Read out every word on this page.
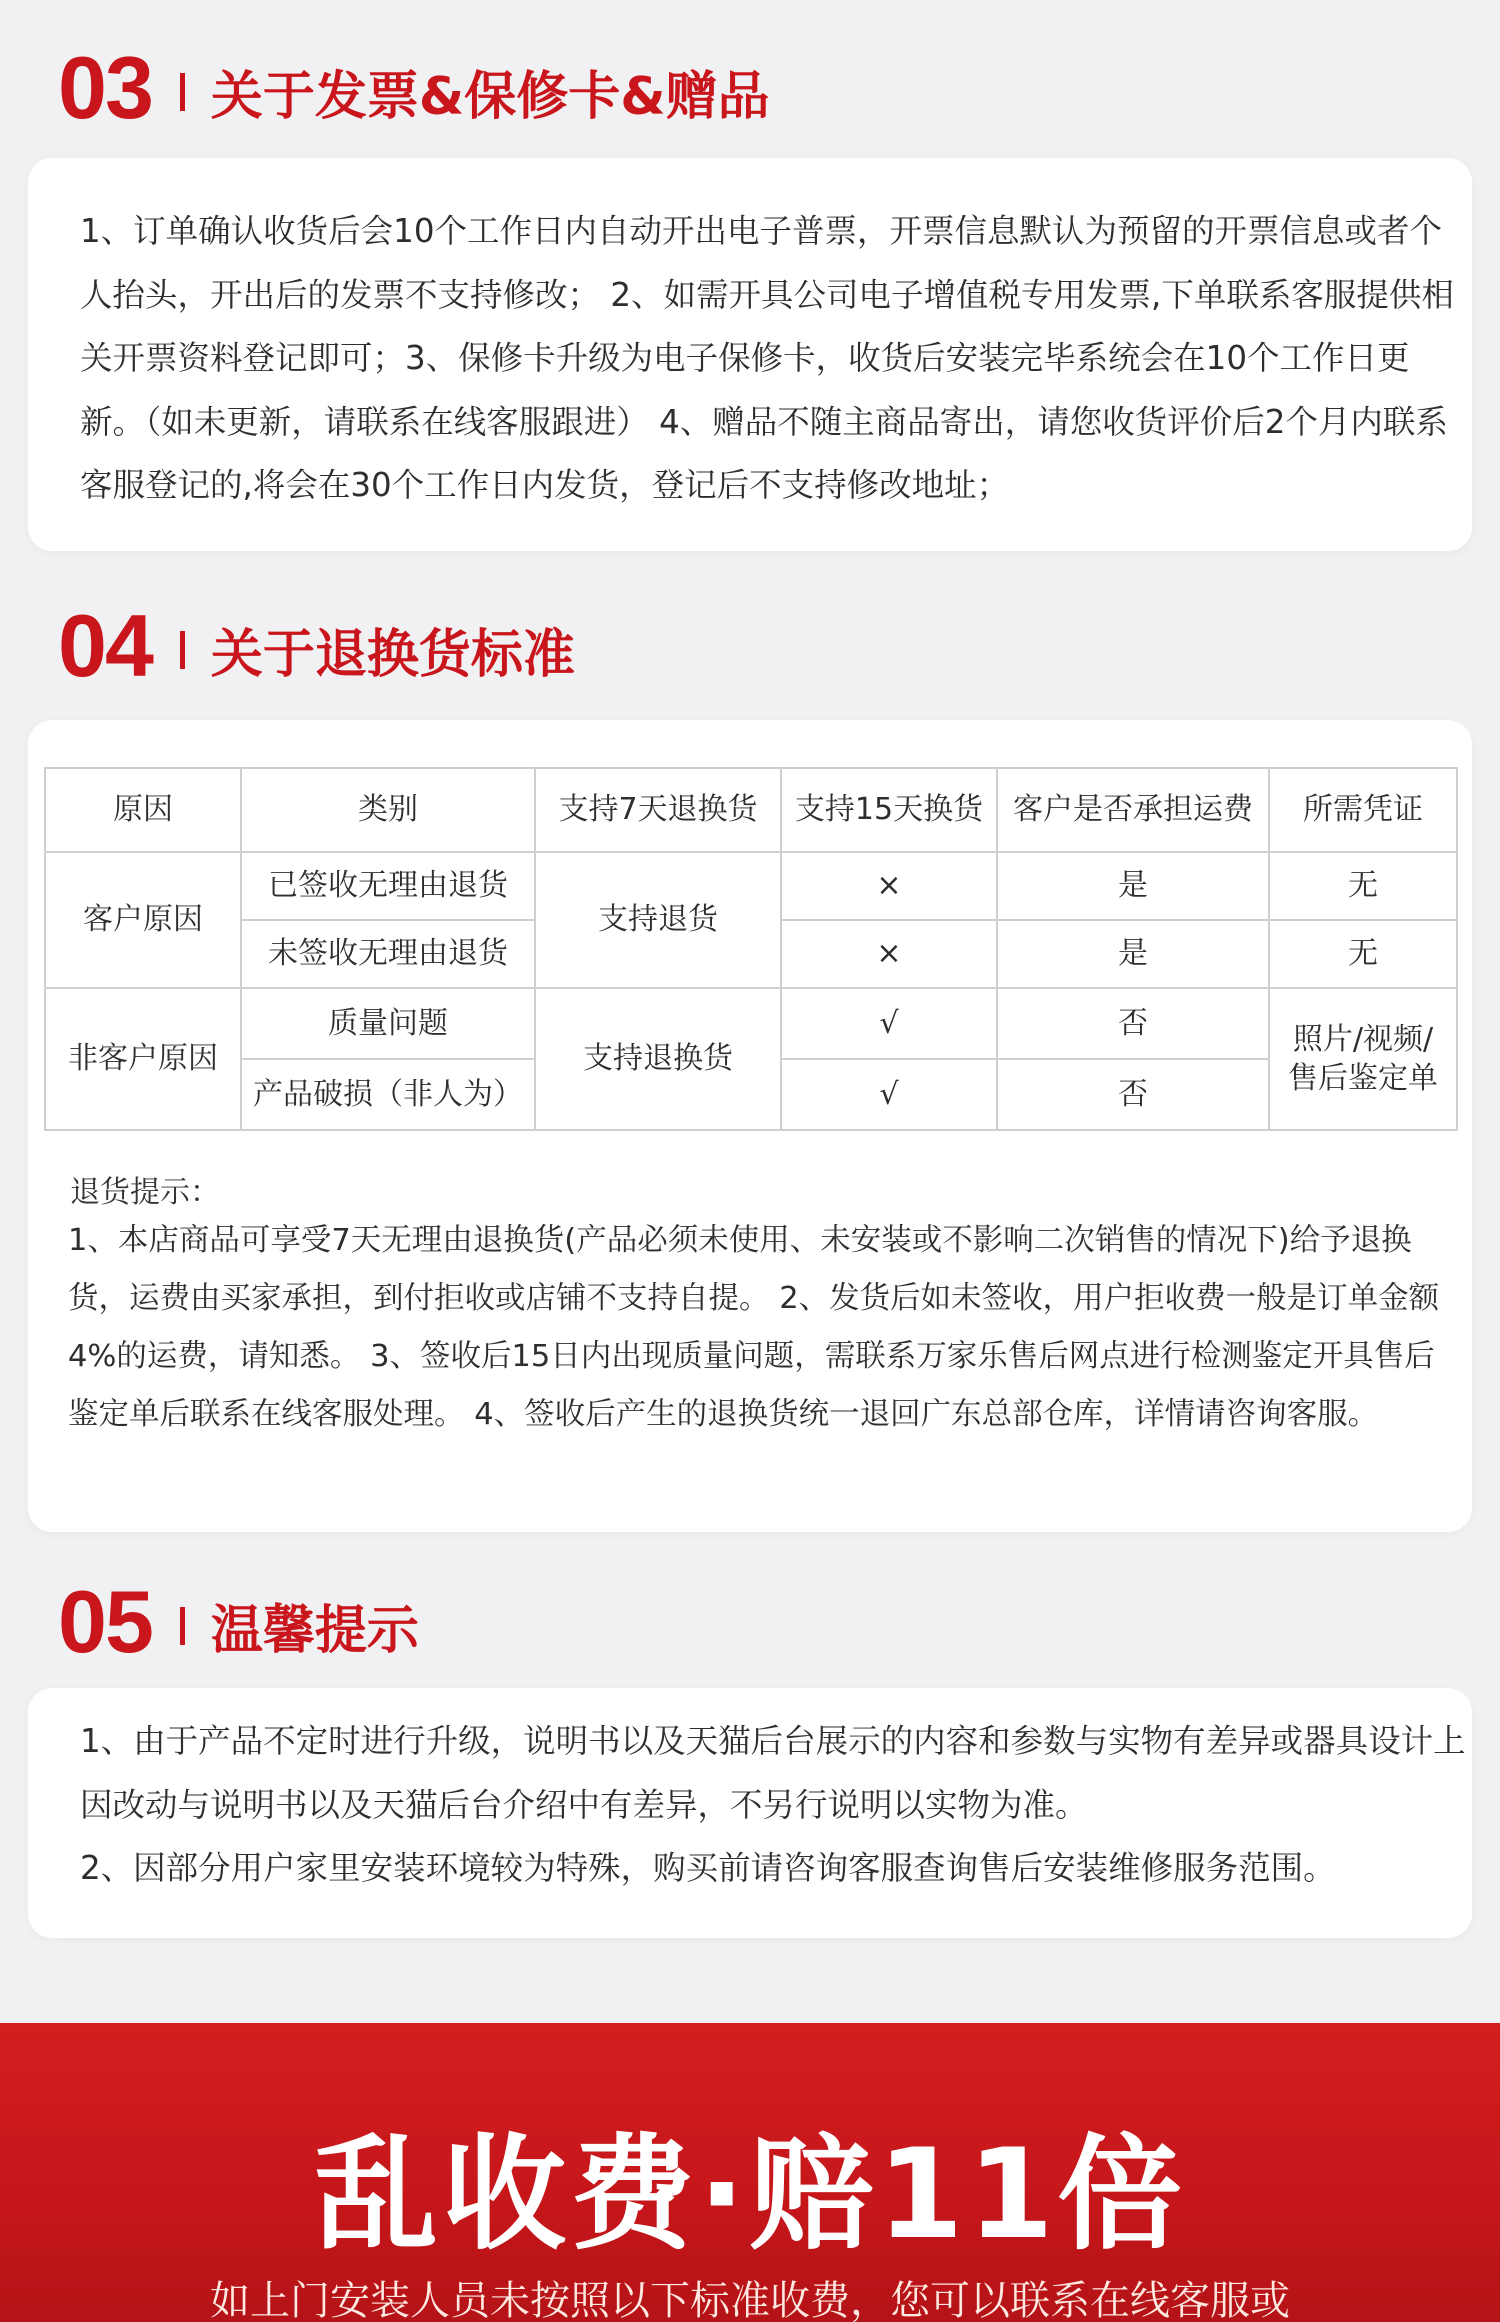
03 关于发票&保修卡&赠品
1、订单确认收货后会10个工作日内自动开出电子普票，开票信息默认为预留的开票信息或者个人抬头，开出后的发票不支持修改； 2、如需开具公司电子增值税专用发票,下单联系客服提供相关开票资料登记即可；3、保修卡升级为电子保修卡，收货后安装完毕系统会在10个工作日更新。（如未更新，请联系在线客服跟进） 4、赠品不随主商品寄出，请您收货评价后2个月内联系客服登记的,将会在30个工作日内发货，登记后不支持修改地址；
04 关于退换货标准
原因	类别	支持7天退换货	支持15天换货	客户是否承担运费	所需凭证
客户原因	已签收无理由退货	支持退货	×	是	无
	未签收无理由退货		×	是	无
非客户原因	质量问题	支持退换货	√	否	照片/视频/售后鉴定单

	产品破损（非人为）		√	否	
退货提示：
1、本店商品可享受7天无理由退换货(产品必须未使用、未安装或不影响二次销售的情况下)给予退换货，运费由买家承担，到付拒收或店铺不支持自提。 2、发货后如未签收，用户拒收费一般是订单金额4%的运费，请知悉。 3、签收后15日内出现质量问题，需联系万家乐售后网点进行检测鉴定开具售后鉴定单后联系在线客服处理。 4、签收后产生的退换货统一退回广东总部仓库，详情请咨询客服。
05 温馨提示
1、由于产品不定时进行升级，说明书以及天猫后台展示的内容和参数与实物有差异或器具设计上因改动与说明书以及天猫后台介绍中有差异，不另行说明以实物为准。
2、因部分用户家里安装环境较为特殊，购买前请咨询客服查询售后安装维修服务范围。
乱收费·赔11倍
如上门安装人员未按照以下标准收费，您可以联系在线客服或
